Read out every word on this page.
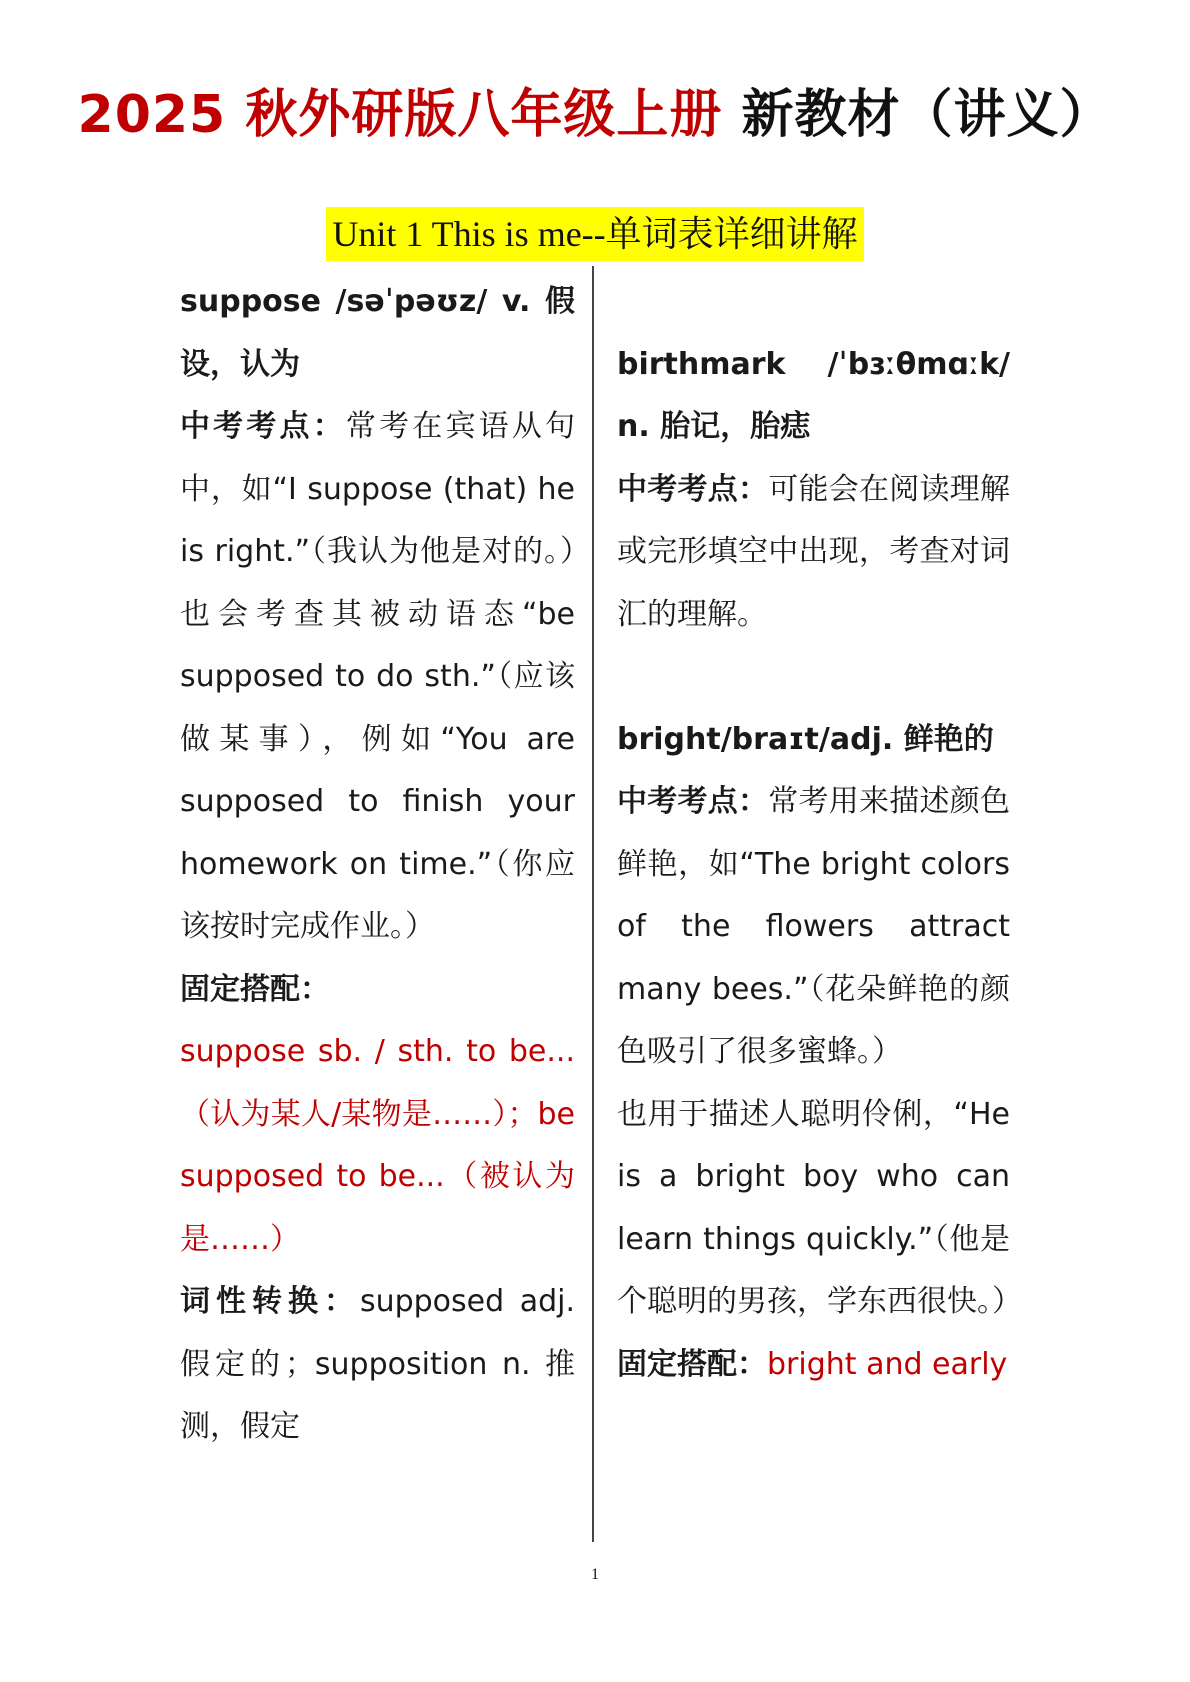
2025 秋外研版八年级上册 新教材（讲义）
Unit 1 This is me--单词表详细讲解

suppose /səˈpəʊz/ v. 假设，认为

中考考点：常考在宾语从句中，如“I suppose (that) he is right.”（我认为他是对的。）也会考查其被动语态“be supposed to do sth.”（应该做某事），例如“You are supposed to finish your homework on time.”（你应该按时完成作业。）

固定搭配：

suppose sb. / sth. to be...（认为某人/某物是……）；be supposed to be...（被认为是……）

词性转换：supposed adj. 假定的；supposition n. 推测，假定

birthmark /ˈbɜːθmɑːk/ n. 胎记，胎痣

中考考点：可能会在阅读理解或完形填空中出现，考查对词汇的理解。

bright/braɪt/adj. 鲜艳的

中考考点：常考用来描述颜色鲜艳，如“The bright colors of the flowers attract many bees.”（花朵鲜艳的颜色吸引了很多蜜蜂。）

也用于描述人聪明伶俐，“He is a bright boy who can learn things quickly.”（他是个聪明的男孩，学东西很快。）

固定搭配：bright and early

1
